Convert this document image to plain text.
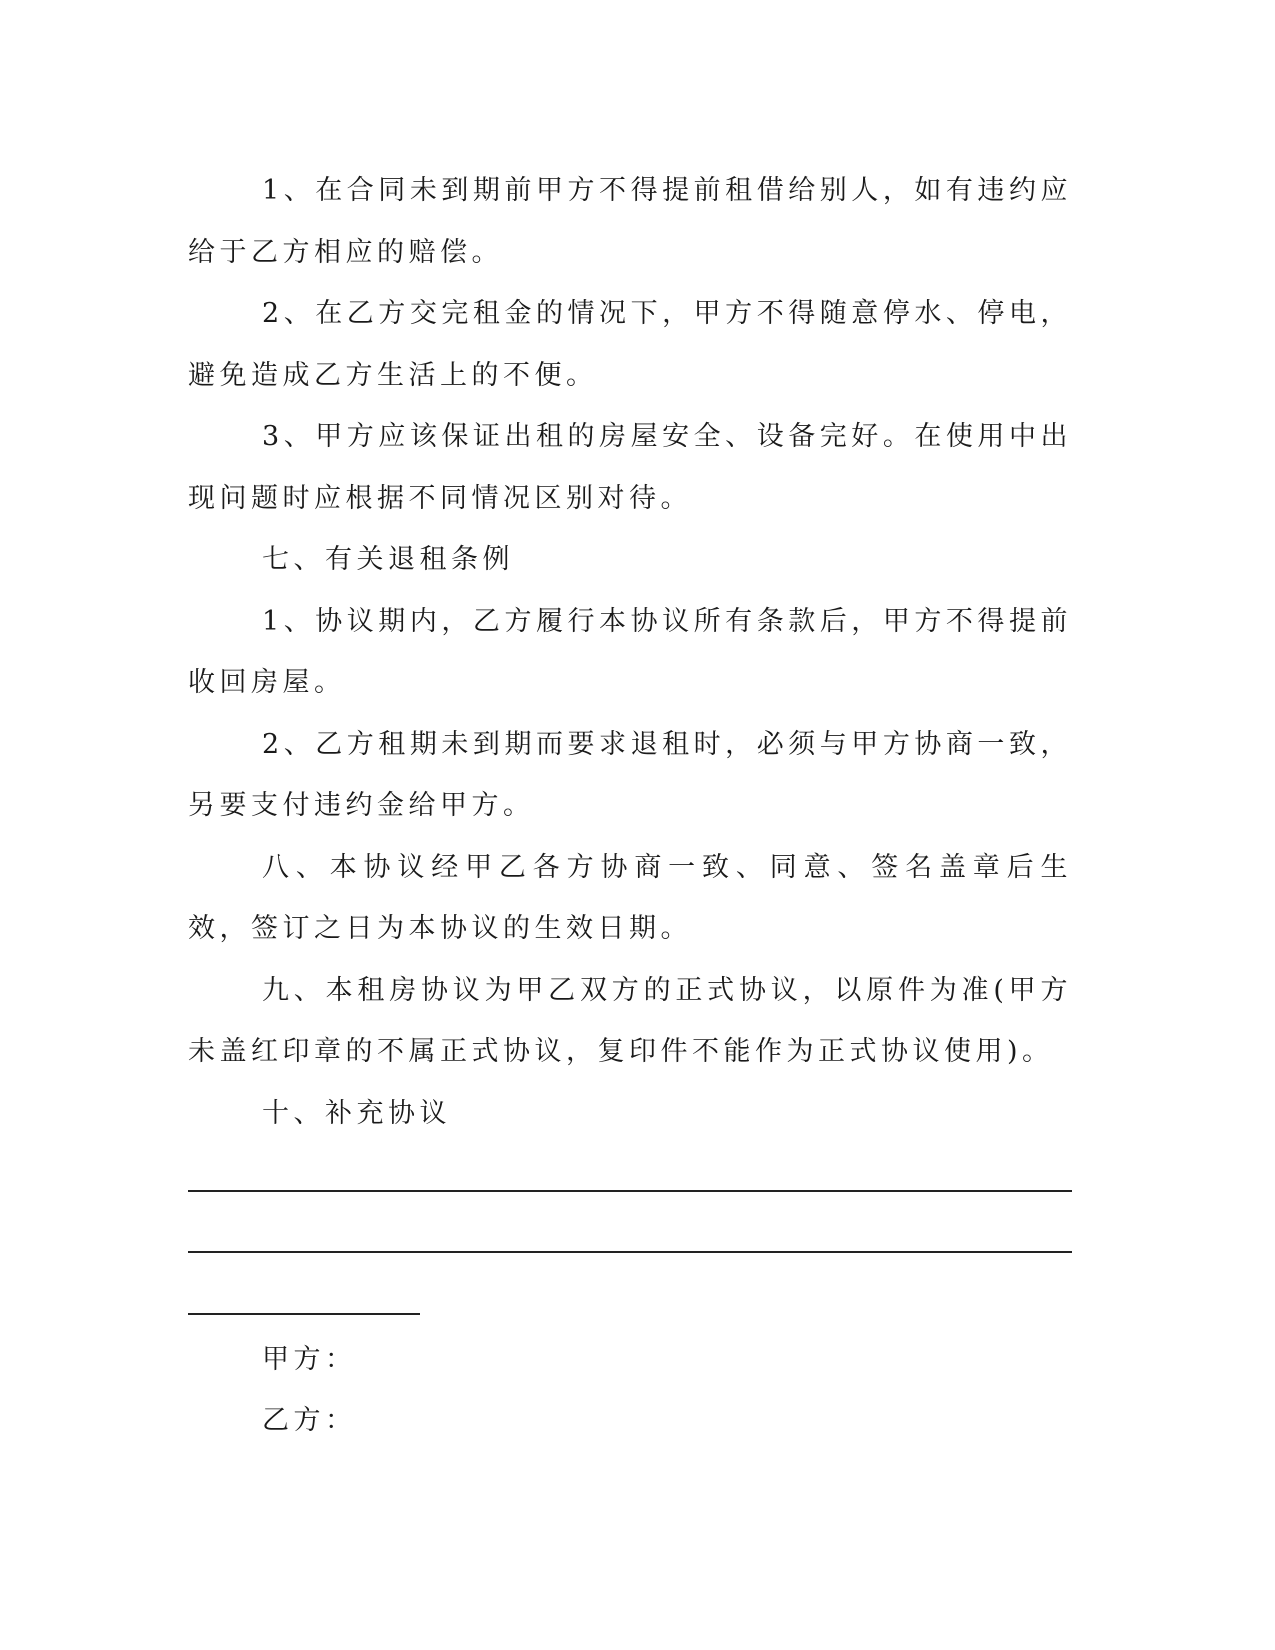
1、在合同未到期前甲方不得提前租借给别人，如有违约应给于乙方相应的赔偿。

2、在乙方交完租金的情况下，甲方不得随意停水、停电，避免造成乙方生活上的不便。

3、甲方应该保证出租的房屋安全、设备完好。在使用中出现问题时应根据不同情况区别对待。

七、有关退租条例

1、协议期内，乙方履行本协议所有条款后，甲方不得提前收回房屋。

2、乙方租期未到期而要求退租时，必须与甲方协商一致，另要支付违约金给甲方。

八、本协议经甲乙各方协商一致、同意、签名盖章后生效，签订之日为本协议的生效日期。

九、本租房协议为甲乙双方的正式协议，以原件为准(甲方未盖红印章的不属正式协议，复印件不能作为正式协议使用)。

十、补充协议

甲方：

乙方：
